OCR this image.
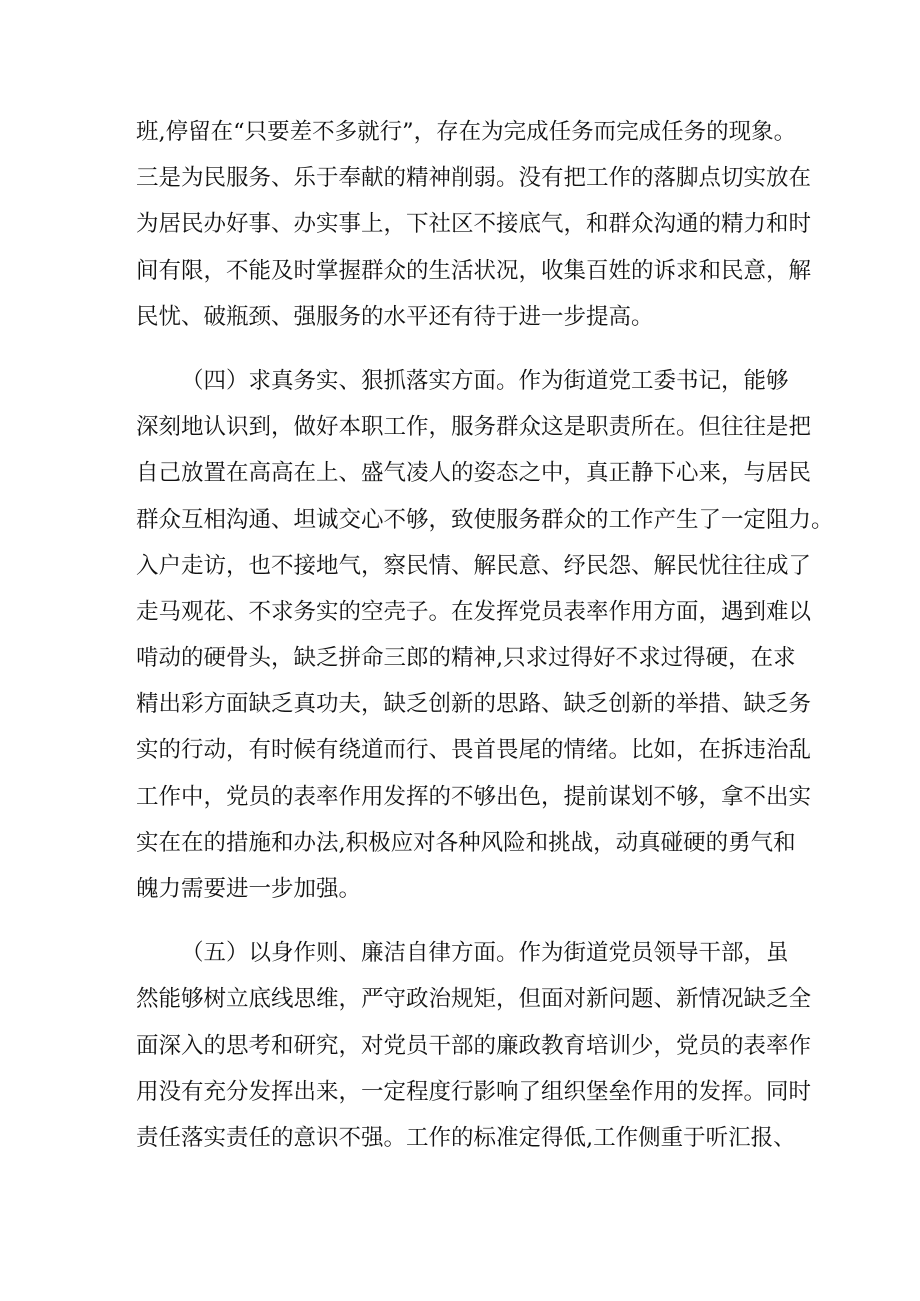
班,停留在“只要差不多就行”，存在为完成任务而完成任务的现象。
三是为民服务、乐于奉献的精神削弱。没有把工作的落脚点切实放在
为居民办好事、办实事上，下社区不接底气，和群众沟通的精力和时
间有限，不能及时掌握群众的生活状况，收集百姓的诉求和民意，解
民忧、破瓶颈、强服务的水平还有待于进一步提高。
（四）求真务实、狠抓落实方面。作为街道党工委书记，能够
深刻地认识到，做好本职工作，服务群众这是职责所在。但往往是把
自己放置在高高在上、盛气凌人的姿态之中，真正静下心来，与居民
群众互相沟通、坦诚交心不够，致使服务群众的工作产生了一定阻力。
入户走访，也不接地气，察民情、解民意、纾民怨、解民忧往往成了
走马观花、不求务实的空壳子。在发挥党员表率作用方面，遇到难以
啃动的硬骨头，缺乏拼命三郎的精神,只求过得好不求过得硬，在求
精出彩方面缺乏真功夫，缺乏创新的思路、缺乏创新的举措、缺乏务
实的行动，有时候有绕道而行、畏首畏尾的情绪。比如，在拆违治乱
工作中，党员的表率作用发挥的不够出色，提前谋划不够，拿不出实
实在在的措施和办法,积极应对各种风险和挑战，动真碰硬的勇气和
魄力需要进一步加强。
（五）以身作则、廉洁自律方面。作为街道党员领导干部，虽
然能够树立底线思维，严守政治规矩，但面对新问题、新情况缺乏全
面深入的思考和研究，对党员干部的廉政教育培训少，党员的表率作
用没有充分发挥出来，一定程度行影响了组织堡垒作用的发挥。同时
责任落实责任的意识不强。工作的标准定得低,工作侧重于听汇报、
